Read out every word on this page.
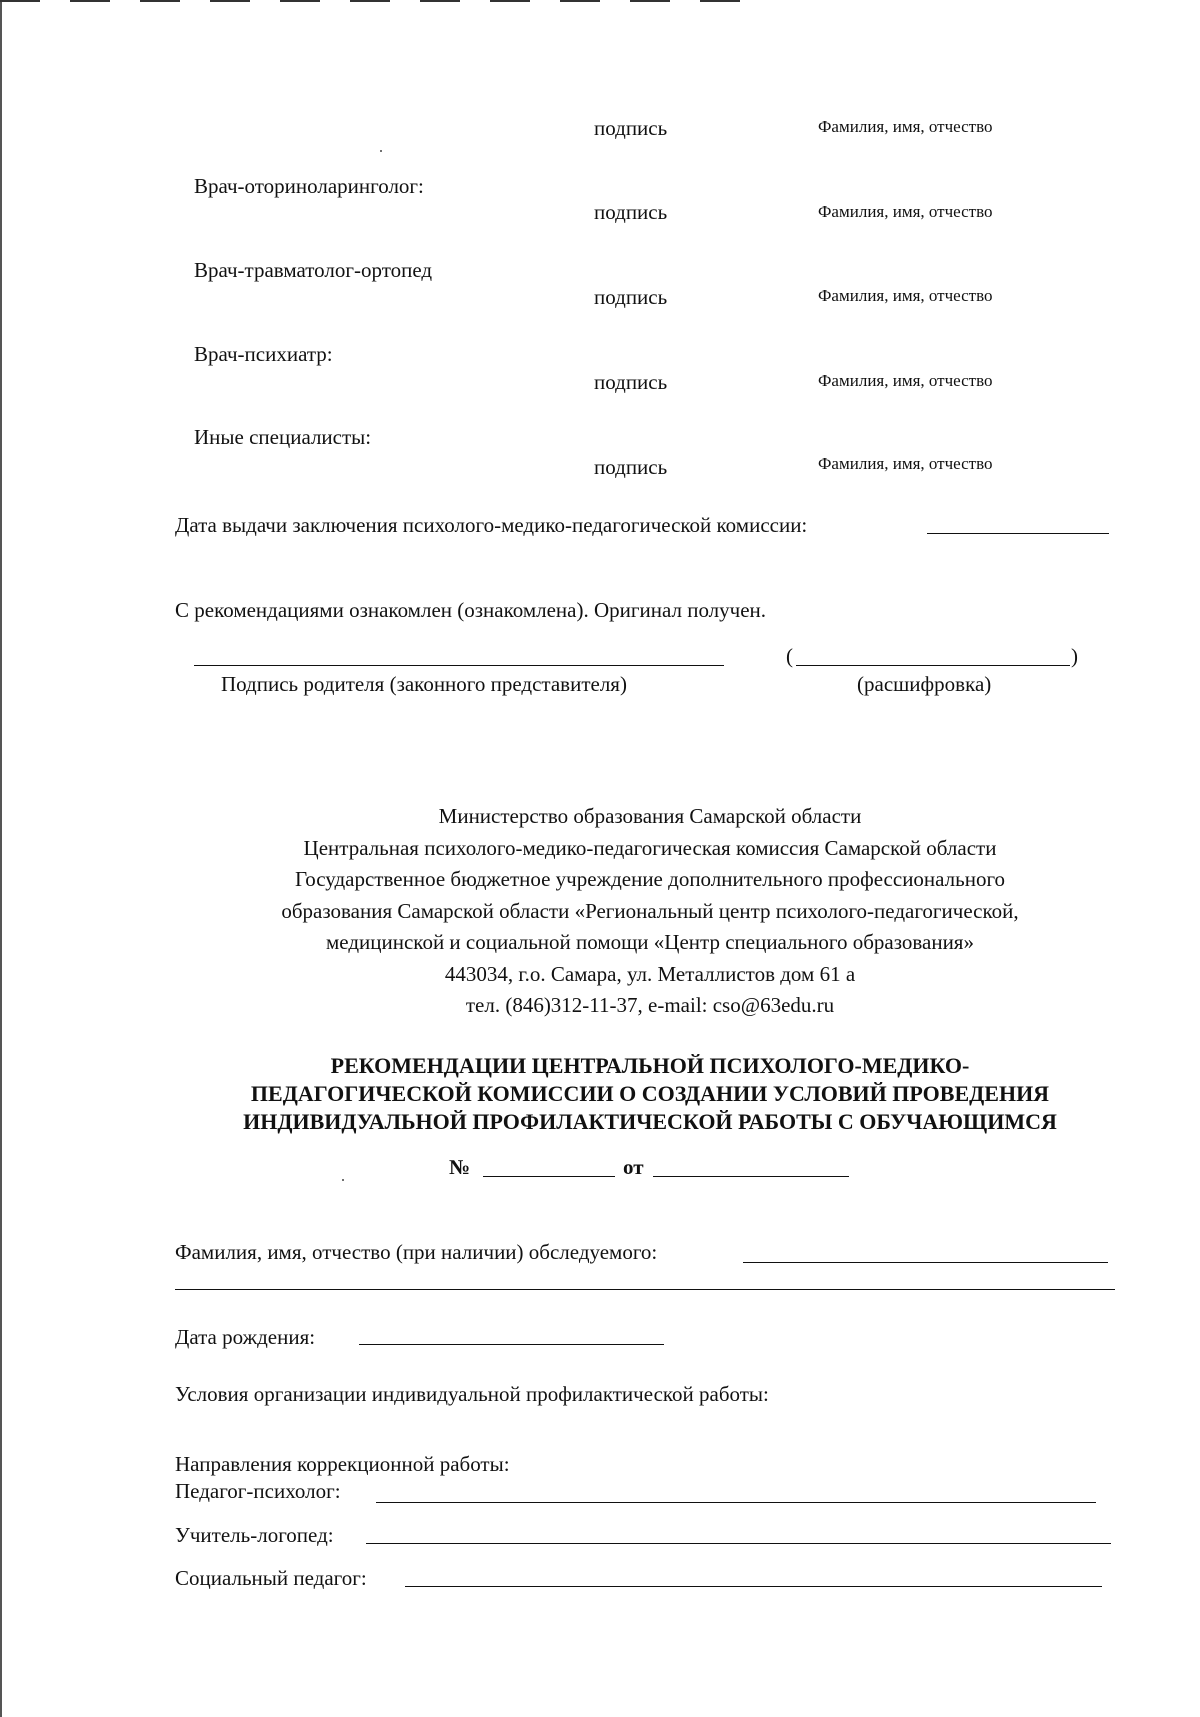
подпись	Фамилия, имя, отчество
Врач-оториноларинголог:
подпись	Фамилия, имя, отчество
Врач-травматолог-ортопед
подпись	Фамилия, имя, отчество
Врач-психиатр:
подпись	Фамилия, имя, отчество
Иные специалисты:
подпись	Фамилия, имя, отчество
Дата выдачи заключения психолого-медико-педагогической комиссии:
С рекомендациями ознакомлен (ознакомлена). Оригинал получен.
Подпись родителя (законного представителя)
(	)
(расшифровка)
Министерство образования Самарской области
Центральная психолого-медико-педагогическая комиссия Самарской области
Государственное бюджетное учреждение дополнительного профессионального
образования Самарской области «Региональный центр психолого-педагогической,
медицинской и социальной помощи «Центр специального образования»
443034, г.о. Самара, ул. Металлистов дом 61 а
тел. (846)312-11-37, e-mail: cso@63edu.ru
РЕКОМЕНДАЦИИ ЦЕНТРАЛЬНОЙ ПСИХОЛОГО-МЕДИКО-
ПЕДАГОГИЧЕСКОЙ КОМИССИИ О СОЗДАНИИ УСЛОВИЙ ПРОВЕДЕНИЯ
ИНДИВИДУАЛЬНОЙ ПРОФИЛАКТИЧЕСКОЙ РАБОТЫ С ОБУЧАЮЩИМСЯ
№	от
Фамилия, имя, отчество (при наличии) обследуемого:
Дата рождения:
Условия организации индивидуальной профилактической работы:
Направления коррекционной работы:
Педагог-психолог:
Учитель-логопед:
Социальный педагог:
